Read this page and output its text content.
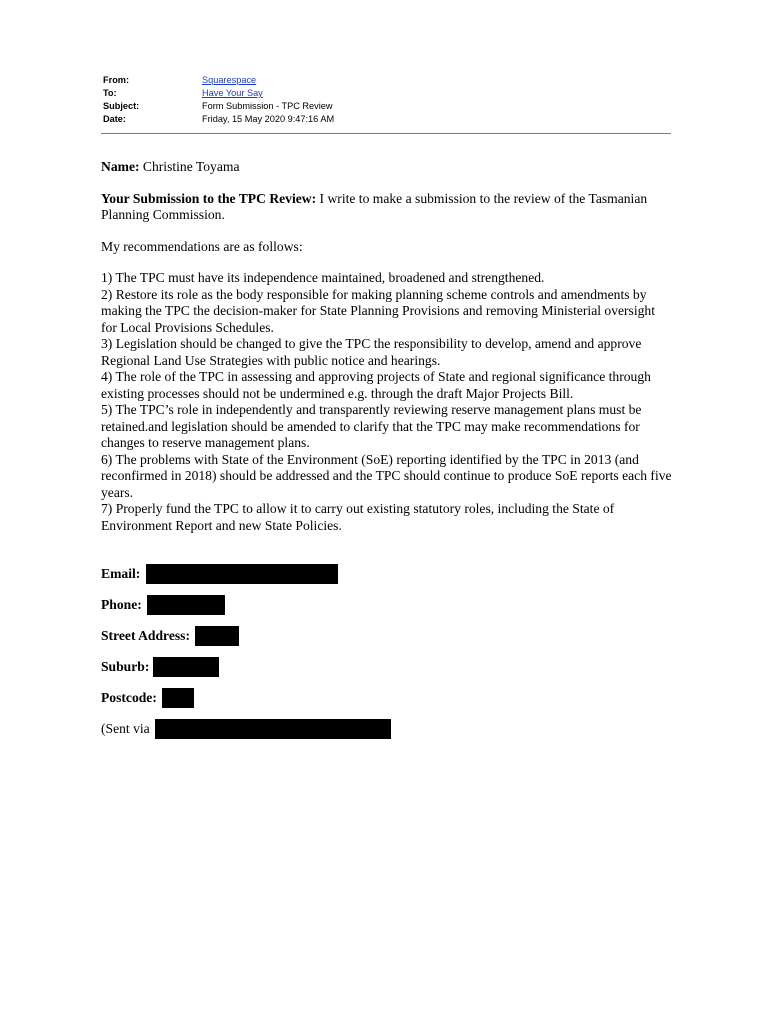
From:	Squarespace
To:	Have Your Say
Subject:	Form Submission - TPC Review
Date:	Friday, 15 May 2020 9:47:16 AM

Name: Christine Toyama

Your Submission to the TPC Review: I write to make a submission to the review of the Tasmanian Planning Commission.

My recommendations are as follows:

1) The TPC must have its independence maintained, broadened and strengthened.

2) Restore its role as the body responsible for making planning scheme controls and amendments by making the TPC the decision-maker for State Planning Provisions and removing Ministerial oversight for Local Provisions Schedules.

3) Legislation should be changed to give the TPC the responsibility to develop, amend and approve Regional Land Use Strategies with public notice and hearings.

4) The role of the TPC in assessing and approving projects of State and regional significance through existing processes should not be undermined e.g. through the draft Major Projects Bill.

5) The TPC’s role in independently and transparently reviewing reserve management plans must be retained.and legislation should be amended to clarify that the TPC may make recommendations for changes to reserve management plans.

6) The problems with State of the Environment (SoE) reporting identified by the TPC in 2013 (and reconfirmed in 2018) should be addressed and the TPC should continue to produce SoE reports each five years.

7) Properly fund the TPC to allow it to carry out existing statutory roles, including the State of Environment Report and new State Policies.

Email:
Phone:
Street Address:
Suburb:
Postcode:
(Sent via
